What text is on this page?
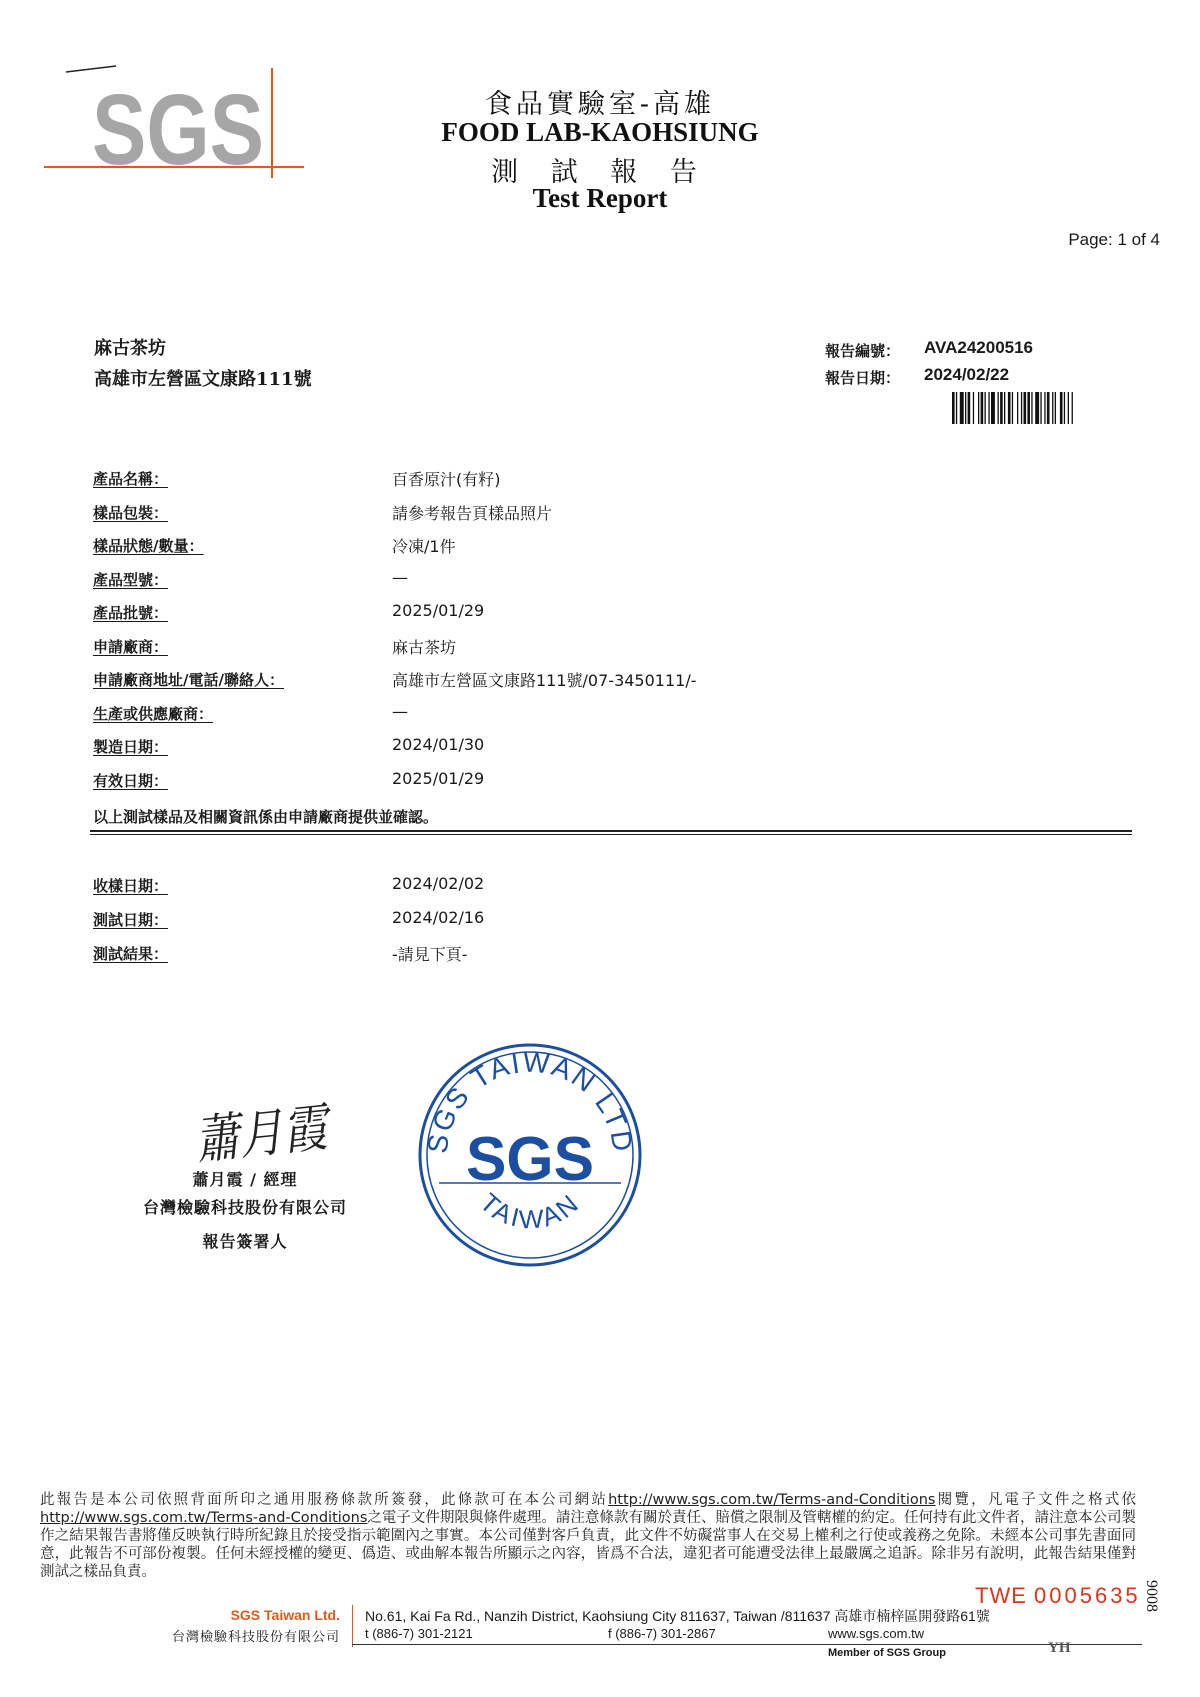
SGS	食品實驗室-高雄
FOOD LAB-KAOHSIUNG
測 試 報 告
Test Report
Page: 1 of 4
麻古茶坊
高雄市左營區文康路111號
報告編號： AVA24200516
報告日期： 2024/02/22
產品名稱：	百香原汁(有籽)
樣品包裝：	請參考報告頁樣品照片
樣品狀態/數量：	冷凍/1件
產品型號：	—
產品批號：	2025/01/29
申請廠商：	麻古茶坊
申請廠商地址/電話/聯絡人：	高雄市左營區文康路111號/07-3450111/-
生產或供應廠商：	—
製造日期：	2024/01/30
有效日期：	2025/01/29
以上測試樣品及相關資訊係由申請廠商提供並確認。
收樣日期：	2024/02/02
測試日期：	2024/02/16
測試結果：	-請見下頁-
蕭月霞
蕭月霞 / 經理
台灣檢驗科技股份有限公司
報告簽署人
SGS TAIWAN LTD
TAIWAN
SGS
此報告是本公司依照背面所印之通用服務條款所簽發，此條款可在本公司網站http://www.sgs.com.tw/Terms-and-Conditions閱覽，凡電子文件之格式依http://www.sgs.com.tw/Terms-and-Conditions之電子文件期限與條件處理。請注意條款有關於責任、賠償之限制及管轄權的約定。任何持有此文件者，請注意本公司製作之結果報告書將僅反映執行時所紀錄且於接受指示範圍內之事實。本公司僅對客戶負責，此文件不妨礙當事人在交易上權利之行使或義務之免除。未經本公司事先書面同意，此報告不可部份複製。任何未經授權的變更、僞造、或曲解本報告所顯示之內容，皆爲不合法，違犯者可能遭受法律上最嚴厲之追訴。除非另有說明，此報告結果僅對測試之樣品負責。
TWE 0005635
SGS Taiwan Ltd.
台灣檢驗科技股份有限公司
No.61, Kai Fa Rd., Nanzih District, Kaohsiung City 811637, Taiwan /811637 高雄市楠梓區開發路61號
t (886-7) 301-2121	f (886-7) 301-2867	www.sgs.com.tw
Member of SGS Group	YH
9008
